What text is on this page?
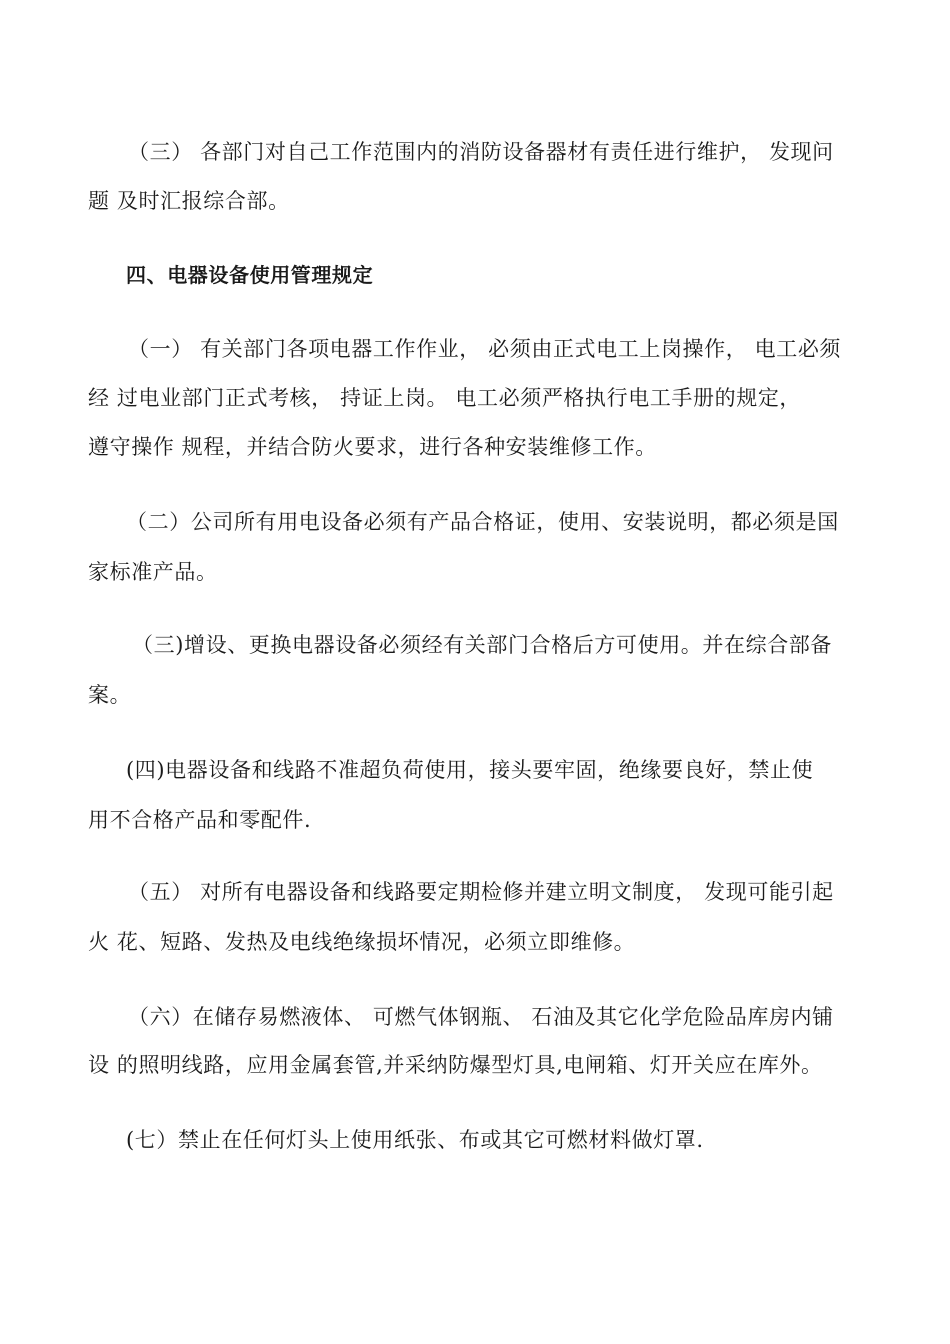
（三） 各部门对自己工作范围内的消防设备器材有责任进行维护， 发现问
题 及时汇报综合部。
四、电器设备使用管理规定
（一） 有关部门各项电器工作作业， 必须由正式电工上岗操作， 电工必须
经 过电业部门正式考核， 持证上岗。 电工必须严格执行电工手册的规定，
遵守操作 规程，并结合防火要求，进行各种安装维修工作。
（二）公司所有用电设备必须有产品合格证，使用、安装说明，都必须是国
家标准产品。
（三)增设、更换电器设备必须经有关部门合格后方可使用。并在综合部备
案。
(四)电器设备和线路不准超负荷使用，接头要牢固，绝缘要良好，禁止使
用不合格产品和零配件.
（五） 对所有电器设备和线路要定期检修并建立明文制度， 发现可能引起
火 花、短路、发热及电线绝缘损坏情况，必须立即维修。
（六）在储存易燃液体、 可燃气体钢瓶、 石油及其它化学危险品库房内铺
设 的照明线路，应用金属套管,并采纳防爆型灯具,电闸箱、灯开关应在库外。
(七）禁止在任何灯头上使用纸张、布或其它可燃材料做灯罩.
